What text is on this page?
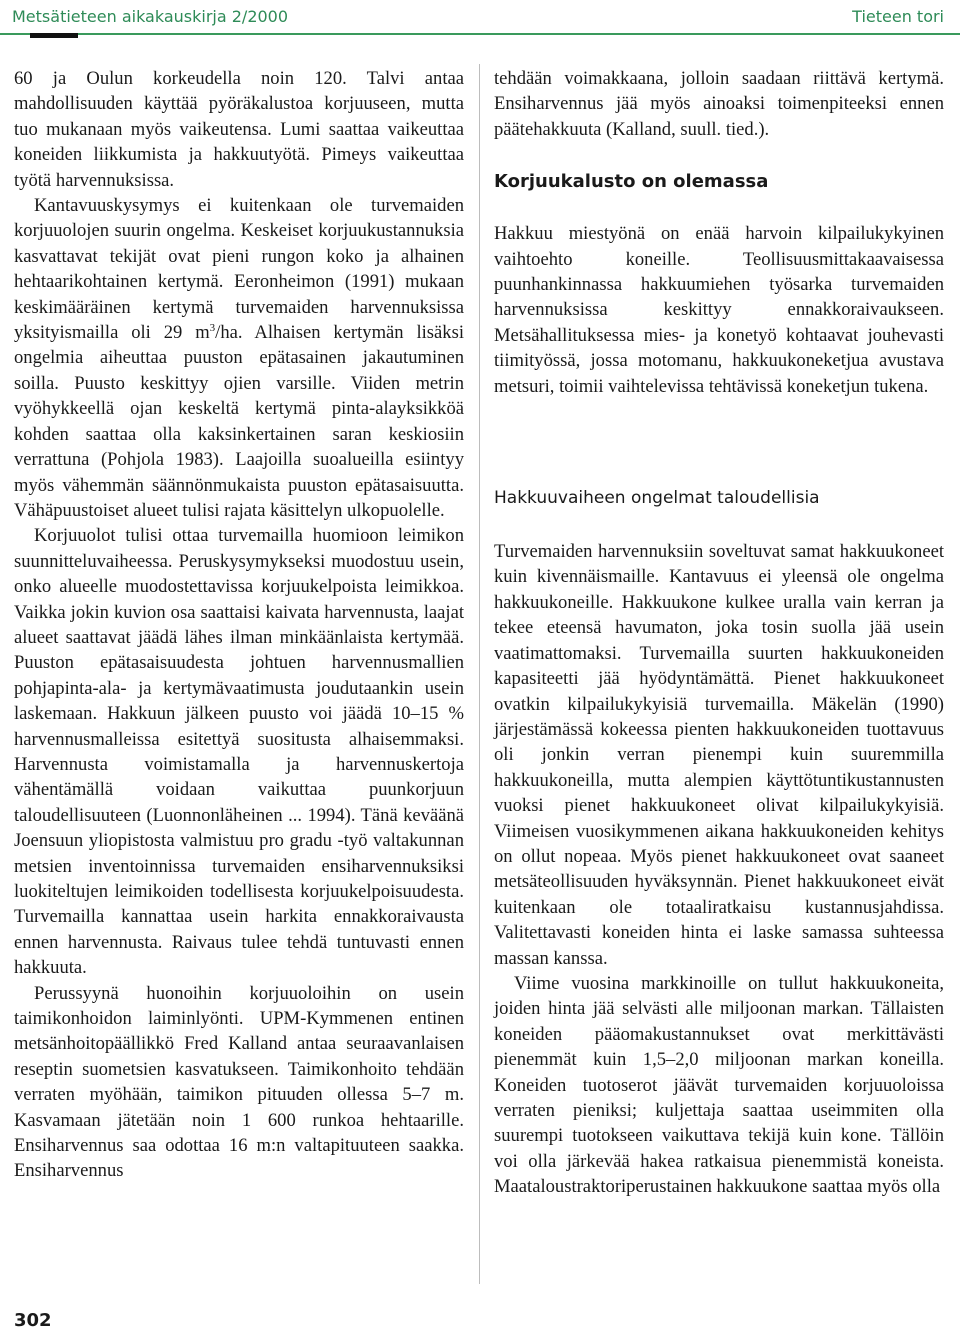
Metsätieteen aikakauskirja 2/2000	Tieteen tori

60 ja Oulun korkeudella noin 120. Talvi antaa mahdollisuuden käyttää pyöräkalustoa korjuuseen, mutta tuo mukanaan myös vaikeutensa. Lumi saattaa vaikeuttaa koneiden liikkumista ja hakkuutyötä. Pimeys vaikeuttaa työtä harvennuksissa.

Kantavuuskysymys ei kuitenkaan ole turvemaiden korjuuolojen suurin ongelma. Keskeiset korjuukustannuksia kasvattavat tekijät ovat pieni rungon koko ja alhainen hehtaarikohtainen kertymä. Eeronheimon (1991) mukaan keskimääräinen kertymä turvemaiden harvennuksissa yksityismailla oli 29 $m^3/ha$. Alhaisen kertymän lisäksi ongelmia aiheuttaa puuston epätasainen jakautuminen soilla. Puusto keskittyy ojien varsille. Viiden metrin vyöhykkeellä ojan keskeltä kertymä pinta-alayksikköä kohden saattaa olla kaksinkertainen saran keskiosiin verrattuna (Pohjola 1983). Laajoilla suoalueilla esiintyy myös vähemmän säännönmukaista puuston epätasaisuutta. Vähäpuustoiset alueet tulisi rajata käsittelyn ulkopuolelle.

Korjuuolot tulisi ottaa turvemailla huomioon leimikon suunnitteluvaiheessa. Peruskysymykseksi muodostuu usein, onko alueelle muodostettavissa korjuukelpoista leimikkoa. Vaikka jokin kuvion osa saattaisi kaivata harvennusta, laajat alueet saattavat jäädä lähes ilman minkäänlaista kertymää. Puuston epätasaisuudesta johtuen harvennusmallien pohjapinta-ala- ja kertymävaatimusta joudutaankin usein laskemaan. Hakkuun jälkeen puusto voi jäädä 10–15 % harvennusmalleissa esitettyä suositusta alhaisemmaksi. Harvennusta voimistamalla ja harvennuskertoja vähentämällä voidaan vaikuttaa puunkorjuun taloudellisuuteen (Luonnonläheinen ... 1994). Tänä keväänä Joensuun yliopistosta valmistuu pro gradu -työ valtakunnan metsien inventoinnissa turvemaiden ensiharvennuksiksi luokiteltujen leimikoiden todellisesta korjuukelpoisuudesta. Turvemailla kannattaa usein harkita ennakkoraivausta ennen harvennusta. Raivaus tulee tehdä tuntuvasti ennen hakkuuta.

Perussyynä huonoihin korjuuoloihin on usein taimikonhoidon laiminlyönti. UPM-Kymmenen entinen metsänhoitopäällikkö Fred Kalland antaa seuraavanlaisen reseptin suometsien kasvatukseen. Taimikonhoito tehdään verraten myöhään, taimikon pituuden ollessa 5–7 m. Kasvamaan jätetään noin 1 600 runkoa hehtaarille. Ensiharvennus saa odottaa 16 m:n valtapituuteen saakka. Ensiharvennus

tehdään voimakkaana, jolloin saadaan riittävä kertymä. Ensiharvennus jää myös ainoaksi toimenpiteeksi ennen päätehakkuuta (Kalland, suull. tied.).

Korjuukalusto on olemassa

Hakkuu miestyönä on enää harvoin kilpailukykyinen vaihtoehto koneille. Teollisuusmittakaavaisessa puunhankinnassa hakkuumiehen työsarka turvemaiden harvennuksissa keskittyy ennakkoraivaukseen. Metsähallituksessa mies- ja konetyö kohtaavat jouhevasti tiimityössä, jossa motomanu, hakkuukoneketjua avustava metsuri, toimii vaihtelevissa tehtävissä koneketjun tukena.

Hakkuuvaiheen ongelmat taloudellisia

Turvemaiden harvennuksiin soveltuvat samat hakkuukoneet kuin kivennäismaille. Kantavuus ei yleensä ole ongelma hakkuukoneille. Hakkuukone kulkee uralla vain kerran ja tekee eteensä havumaton, joka tosin suolla jää usein vaatimattomaksi. Turvemailla suurten hakkuukoneiden kapasiteetti jää hyödyntämättä. Pienet hakkuukoneet ovatkin kilpailukykyisiä turvemailla. Mäkelän (1990) järjestämässä kokeessa pienten hakkuukoneiden tuottavuus oli jonkin verran pienempi kuin suuremmilla hakkuukoneilla, mutta alempien käyttötuntikustannusten vuoksi pienet hakkuukoneet olivat kilpailukykyisiä. Viimeisen vuosikymmenen aikana hakkuukoneiden kehitys on ollut nopeaa. Myös pienet hakkuukoneet ovat saaneet metsäteollisuuden hyväksynnän. Pienet hakkuukoneet eivät kuitenkaan ole totaaliratkaisu kustannusjahdissa. Valitettavasti koneiden hinta ei laske samassa suhteessa massan kanssa.

Viime vuosina markkinoille on tullut hakkuukoneita, joiden hinta jää selvästi alle miljoonan markan. Tällaisten koneiden pääomakustannukset ovat merkittävästi pienemmät kuin 1,5–2,0 miljoonan markan koneilla. Koneiden tuotoserot jäävät turvemaiden korjuuoloissa verraten pieniksi; kuljettaja saattaa useimmiten olla suurempi tuotokseen vaikuttava tekijä kuin kone. Tällöin voi olla järkevää hakea ratkaisua pienemmistä koneista. Maataloustraktoriperustainen hakkuukone saattaa myös olla

302
